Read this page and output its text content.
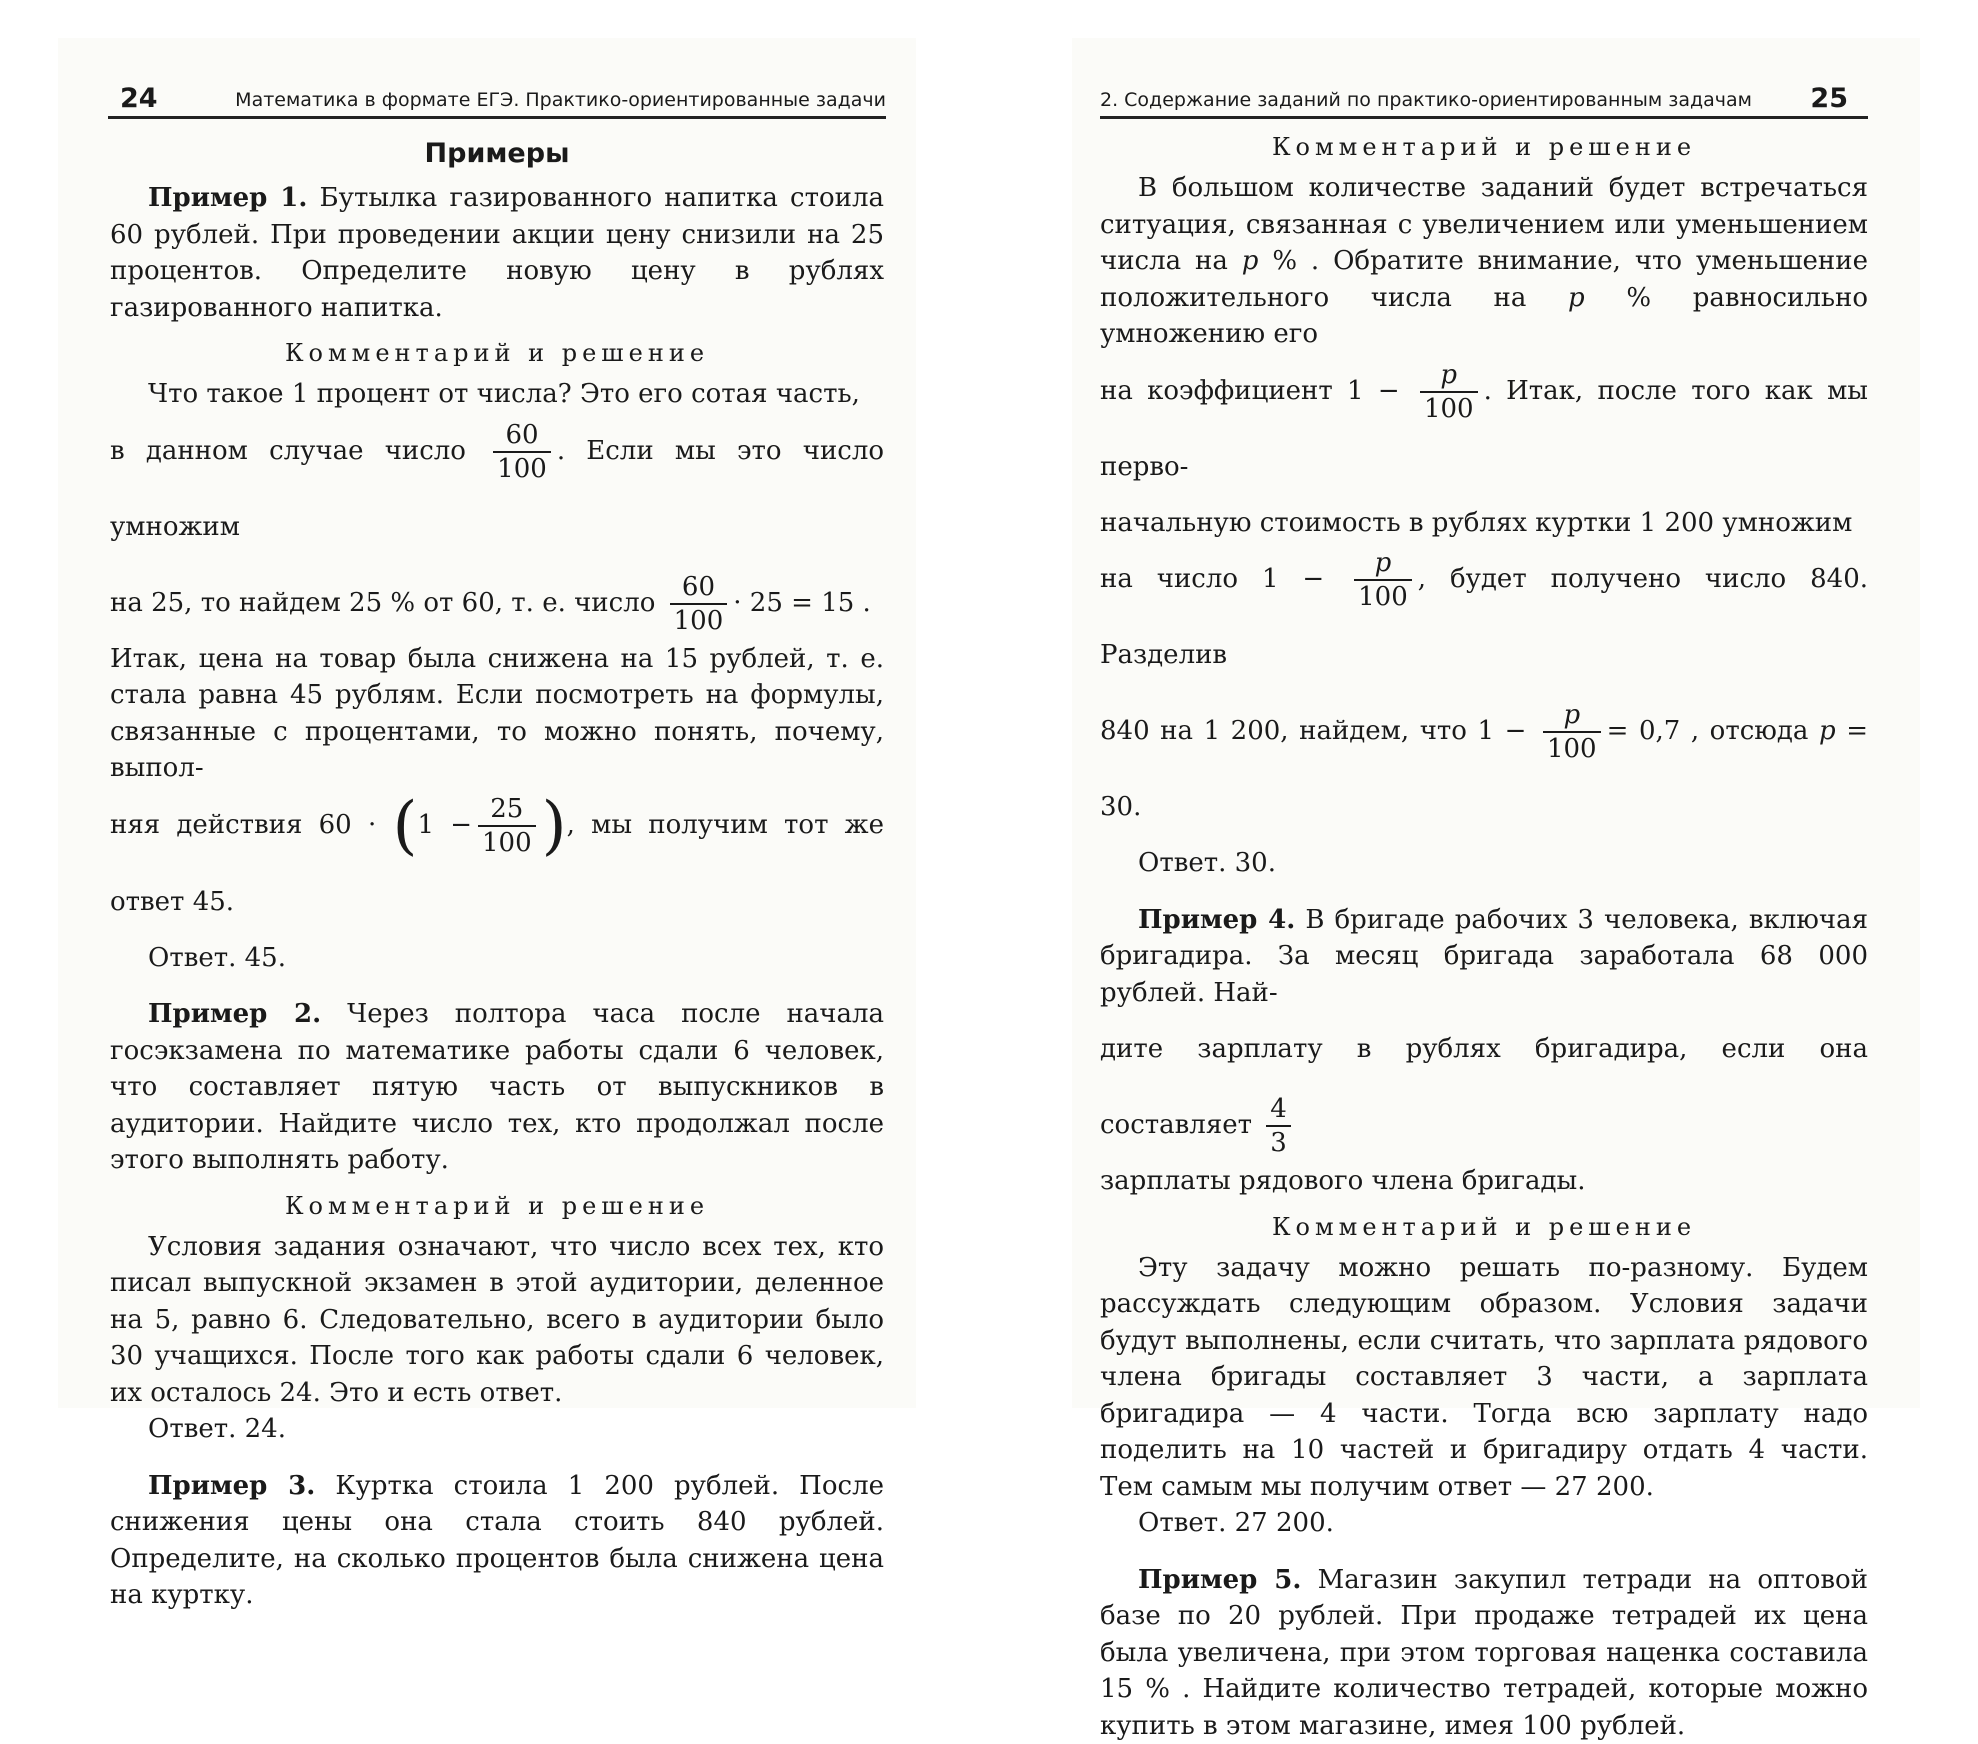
24	Математика в формате ЕГЭ. Практико-ориентированные задачи
Примеры

Пример 1. Бутылка газированного напитка стоила 60 рублей. При проведении акции цену снизили на 25 процентов. Определите новую цену в рублях газированного напитка.

Комментарий и решение

Что такое 1 процент от числа? Это его сотая часть,

в данном случае число $\frac{60}{100}$ . Если мы это число умножим

на 25, то найдем 25 % от 60, т. е. число $\frac{60}{100} \cdot 25 = 15$ .

Итак, цена на товар была снижена на 15 рублей, т. е. стала равна 45 рублям. Если посмотреть на формулы, связанные с процентами, то можно понять, почему, выпол-

няя действия $60 \cdot (1 - \frac{25}{100}$ ), мы получим тот же ответ 45.

Ответ. 45.

Пример 2. Через полтора часа после начала госэкзамена по математике работы сдали 6 человек, что составляет пятую часть от выпускников в аудитории. Найдите число тех, кто продолжал после этого выполнять работу.

Комментарий и решение

Условия задания означают, что число всех тех, кто писал выпускной экзамен в этой аудитории, деленное на 5, равно 6. Следовательно, всего в аудитории было 30 учащихся. После того как работы сдали 6 человек, их осталось 24. Это и есть ответ.

Ответ. 24.

Пример 3. Куртка стоила 1 200 рублей. После снижения цены она стала стоить 840 рублей. Определите, на сколько процентов была снижена цена на куртку.

2. Содержание заданий по практико-ориентированным задачам 25
Комментарий и решение

В большом количестве заданий будет встречаться ситуация, связанная с увеличением или уменьшением числа на p % . Обратите внимание, что уменьшение положительного числа на p % равносильно умножению его

на коэффициент $1 - \frac{p}{100}$ . Итак, после того как мы перво-

начальную стоимость в рублях куртки 1 200 умножим

на число $1 - \frac{p}{100}$ , будет получено число 840. Разделив

840 на 1 200, найдем, что $1 - \frac{p}{100} = 0,7$ , отсюда p = 30.

Ответ. 30.

Пример 4. В бригаде рабочих 3 человека, включая бригадира. За месяц бригада заработала 68 000 рублей. Най-

дите зарплату в рублях бригадира, если она составляет $\frac{4}{3}$

зарплаты рядового члена бригады.

Комментарий и решение

Эту задачу можно решать по-разному. Будем рассуждать следующим образом. Условия задачи будут выполнены, если считать, что зарплата рядового члена бригады составляет 3 части, а зарплата бригадира — 4 части. Тогда всю зарплату надо поделить на 10 частей и бригадиру отдать 4 части. Тем самым мы получим ответ — 27 200.

Ответ. 27 200.

Пример 5. Магазин закупил тетради на оптовой базе по 20 рублей. При продаже тетрадей их цена была увеличена, при этом торговая наценка составила 15 % . Найдите количество тетрадей, которые можно купить в этом магазине, имея 100 рублей.
